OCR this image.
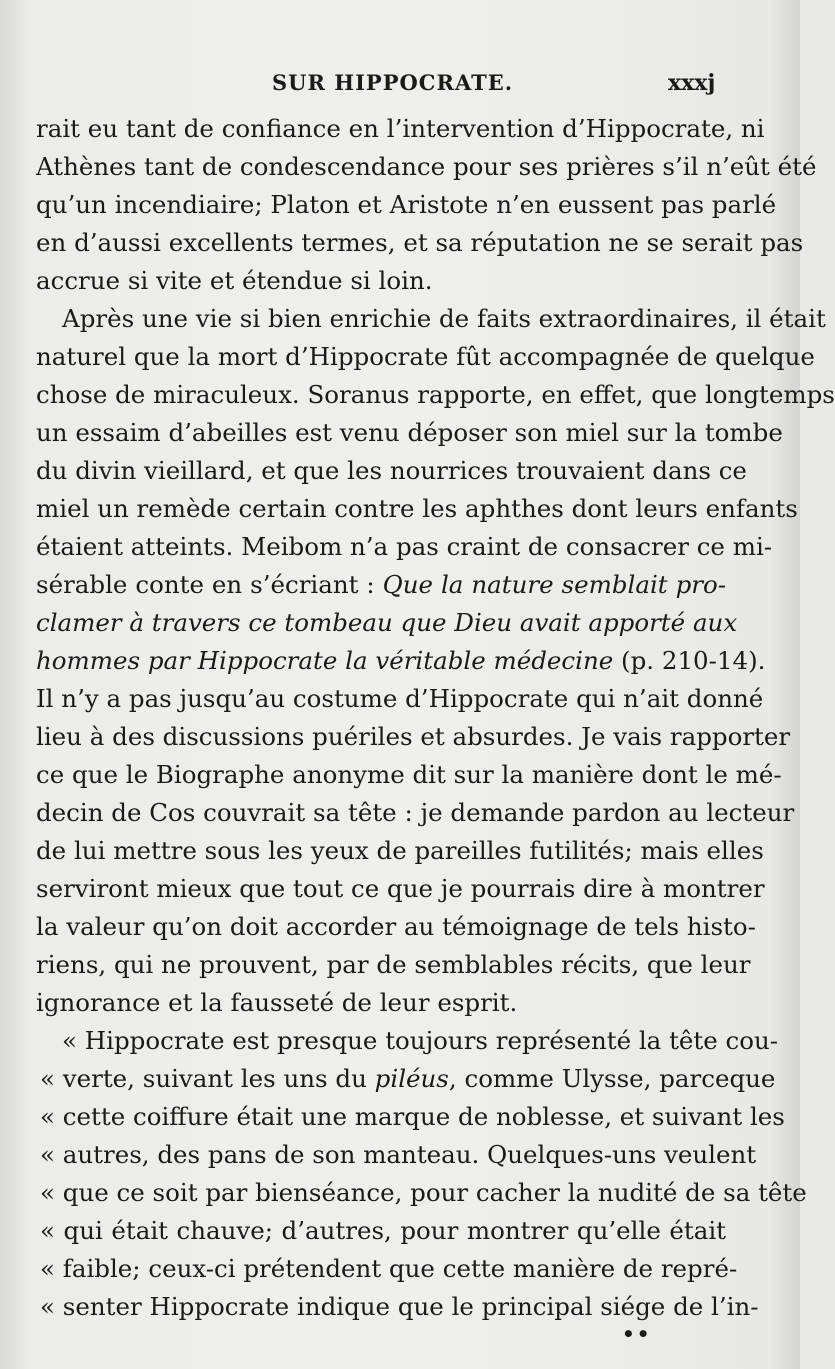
SUR HIPPOCRATE.	xxxj
rait eu tant de confiance en l’intervention d’Hippocrate, ni
Athènes tant de condescendance pour ses prières s’il n’eût été
qu’un incendiaire; Platon et Aristote n’en eussent pas parlé
en d’aussi excellents termes, et sa réputation ne se serait pas
accrue si vite et étendue si loin.
Après une vie si bien enrichie de faits extraordinaires, il était
naturel que la mort d’Hippocrate fût accompagnée de quelque
chose de miraculeux. Soranus rapporte, en effet, que longtemps
un essaim d’abeilles est venu déposer son miel sur la tombe
du divin vieillard, et que les nourrices trouvaient dans ce
miel un remède certain contre les aphthes dont leurs enfants
étaient atteints. Meibom n’a pas craint de consacrer ce mi-
sérable conte en s’écriant : Que la nature semblait pro-
clamer à travers ce tombeau que Dieu avait apporté aux
hommes par Hippocrate la véritable médecine (p. 210-14).
Il n’y a pas jusqu’au costume d’Hippocrate qui n’ait donné
lieu à des discussions puériles et absurdes. Je vais rapporter
ce que le Biographe anonyme dit sur la manière dont le mé-
decin de Cos couvrait sa tête : je demande pardon au lecteur
de lui mettre sous les yeux de pareilles futilités; mais elles
serviront mieux que tout ce que je pourrais dire à montrer
la valeur qu’on doit accorder au témoignage de tels histo-
riens, qui ne prouvent, par de semblables récits, que leur
ignorance et la fausseté de leur esprit.
« Hippocrate est presque toujours représenté la tête cou-
« verte, suivant les uns du piléus, comme Ulysse, parceque
« cette coiffure était une marque de noblesse, et suivant les
« autres, des pans de son manteau. Quelques-uns veulent
« que ce soit par bienséance, pour cacher la nudité de sa tête
« qui était chauve; d’autres, pour montrer qu’elle était
« faible; ceux-ci prétendent que cette manière de repré-
« senter Hippocrate indique que le principal siége de l’in-
••
